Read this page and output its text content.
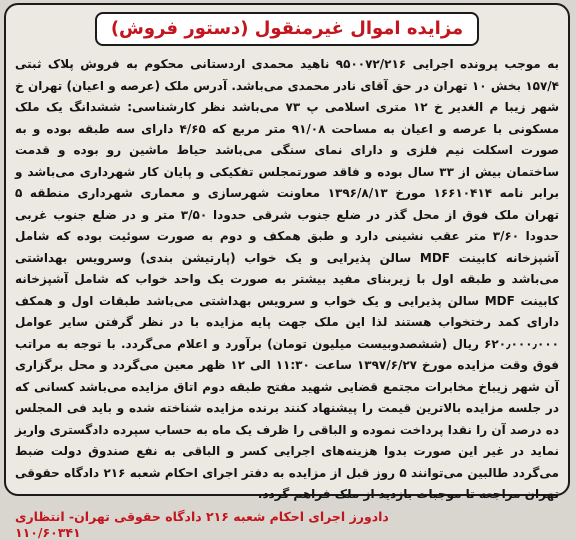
مزایده اموال غیرمنقول (دستور فروش)
به موجب پرونده اجرایی ۹۵۰۰۷۲/۲۱۶ ناهید محمدی اردستانی محکوم به فروش پلاک ثبتی ۱۵۷/۴ بخش ۱۰ تهران در حق آقای نادر محمدی می‌باشد. آدرس ملک (عرصه و اعیان) تهران خ شهر زیبا م الغدیر خ ۱۲ متری اسلامی پ ۷۳ می‌باشد نظر کارشناسی: ششدانگ یک ملک مسکونی با عرصه و اعیان به مساحت ۹۱/۰۸ متر مربع که ۴/۶۵ دارای سه طبقه بوده و به صورت اسکلت نیم فلزی و دارای نمای سنگی می‌باشد حیاط ماشین رو بوده و قدمت ساختمان بیش از ۳۳ سال بوده و فاقد صورتمجلس تفکیکی و پایان کار شهرداری می‌باشد و برابر نامه ۱۶۶۱۰۴۱۴ مورخ ۱۳۹۶/۸/۱۳ معاونت شهرسازی و معماری شهرداری منطقه ۵ تهران ملک فوق از محل گذر در ضلع جنوب شرقی حدودا ۳/۵۰ متر و در ضلع جنوب غربی حدودا ۳/۶۰ متر عقب نشینی دارد و طبق همکف و دوم به صورت سوئیت بوده که شامل آشپزخانه کابینت MDF سالن پذیرایی و یک خواب (پارتیشن بندی) وسرویس بهداشتی می‌باشد و طبقه اول با زیربنای مفید بیشتر به صورت یک واحد خواب که شامل آشپزخانه کابینت MDF سالن پذیرایی و یک خواب و سرویس بهداشتی می‌باشد طبقات اول و همکف دارای کمد رختخواب هستند لذا این ملک جهت پایه مزایده با در نظر گرفتن سایر عوامل ۶۲۰٫۰۰۰٫۰۰۰ ریال (ششصدوبیست میلیون تومان) برآورد و اعلام می‌گردد. با توجه به مراتب فوق وقت مزایده مورخ ۱۳۹۷/۶/۲۷ ساعت ۱۱:۳۰ الی ۱۲ ظهر معین می‌گردد و محل برگزاری آن شهر زیباخ مخابرات مجتمع قضایی شهید مفتح طبقه دوم اتاق مزایده می‌باشد کسانی که در جلسه مزایده بالاترین قیمت را پیشنهاد کنند برنده مزایده شناخته شده و باید فی المجلس ده درصد آن را نقدا پرداخت نموده و الباقی را ظرف یک ماه به حساب سپرده دادگستری واریز نماید در غیر این صورت بدوا هزینه‌های اجرایی کسر و الباقی به نفع صندوق دولت ضبط می‌گردد طالبین می‌توانند ۵ روز قبل از مزایده به دفتر اجرای احکام شعبه ۲۱۶ دادگاه حقوقی تهران مراجعه تا موجبات بازدید از ملک فراهم گردد.
دادورز اجرای احکام شعبه ۲۱۶ دادگاه حقوقی تهران- انتظاری
۱۱۰/۶۰۳۴۱
